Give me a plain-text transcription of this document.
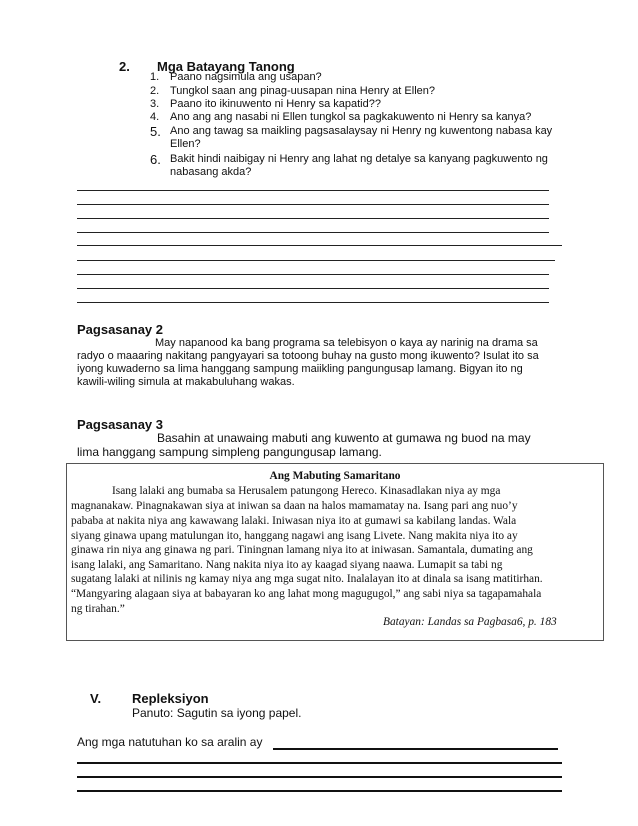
2. Mga Batayang Tanong
1. Paano nagsimula ang usapan?
2. Tungkol saan ang pinag-uusapan nina Henry at Ellen?
3. Paano ito ikinuwento ni Henry sa kapatid??
4. Ano ang ang nasabi ni Ellen tungkol sa pagkakuwento ni Henry sa kanya?
5. Ano ang tawag sa maikling pagsasalaysay ni Henry ng kuwentong nabasa kay Ellen?
6. Bakit hindi naibigay ni Henry ang lahat ng detalye sa kanyang pagkuwento ng nabasang akda?
Pagsasanay 2
May napanood ka bang programa sa telebisyon o kaya ay narinig na drama sa
radyo o maaaring nakitang pangyayari sa totoong buhay na gusto mong ikuwento? Isulat ito sa
iyong kuwaderno sa lima hanggang sampung maiikling pangungusap lamang. Bigyan ito ng
kawili-wiling simula at makabuluhang wakas.
Pagsasanay 3
Basahin at unawaing mabuti ang kuwento at gumawa ng buod na may
lima hanggang sampung simpleng pangungusap lamang.
Ang Mabuting Samaritano
Isang lalaki ang bumaba sa Herusalem patungong Hereco. Kinasadlakan niya ay mga
magnanakaw. Pinagnakawan siya at iniwan sa daan na halos mamamatay na. Isang pari ang nuo’y
pababa at nakita niya ang kawawang lalaki. Iniwasan niya ito at gumawi sa kabilang landas. Wala
siyang ginawa upang matulungan ito, hanggang nagawi ang isang Livete. Nang makita niya ito ay
ginawa rin niya ang ginawa ng pari. Tiningnan lamang niya ito at iniwasan. Samantala, dumating ang
isang lalaki, ang Samaritano. Nang nakita niya ito ay kaagad siyang naawa. Lumapit sa tabi ng
sugatang lalaki at nilinis ng kamay niya ang mga sugat nito. Inalalayan ito at dinala sa isang matitirhan.
“Mangyaring alagaan siya at babayaran ko ang lahat mong magugugol,” ang sabi niya sa tagapamahala
ng tirahan.”
Batayan: Landas sa Pagbasa6, p. 183
V. Repleksiyon
Panuto: Sagutin sa iyong papel.
Ang mga natutuhan ko sa aralin ay
